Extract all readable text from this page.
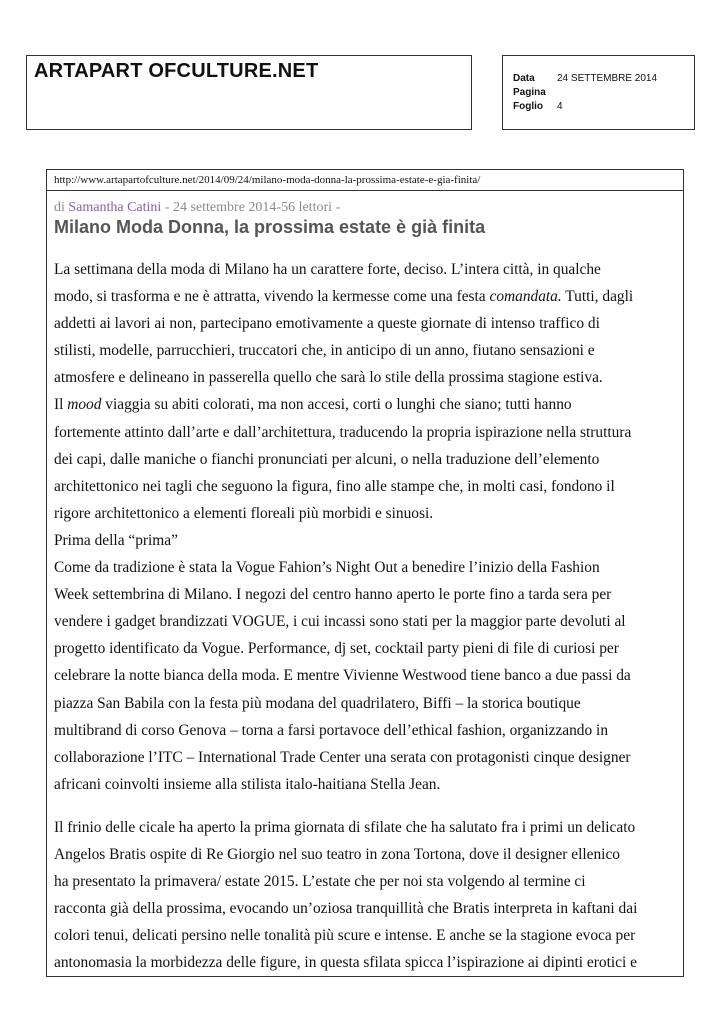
ARTAPART OFCULTURE.NET	Data 24 SETTEMBRE 2014
Pagina
Foglio 4
http://www.artapartofculture.net/2014/09/24/milano-moda-donna-la-prossima-estate-e-gia-finita/
di Samantha Catini - 24 settembre 2014-56 lettori -
Milano Moda Donna, la prossima estate è già finita
La settimana della moda di Milano ha un carattere forte, deciso. L’intera città, in qualche
modo, si trasforma e ne è attratta, vivendo la kermesse come una festa comandata. Tutti, dagli
addetti ai lavori ai non, partecipano emotivamente a queste giornate di intenso traffico di
stilisti, modelle, parrucchieri, truccatori che, in anticipo di un anno, fiutano sensazioni e
atmosfere e delineano in passerella quello che sarà lo stile della prossima stagione estiva.
Il mood viaggia su abiti colorati, ma non accesi, corti o lunghi che siano; tutti hanno
fortemente attinto dall’arte e dall’architettura, traducendo la propria ispirazione nella struttura
dei capi, dalle maniche o fianchi pronunciati per alcuni, o nella traduzione dell’elemento
architettonico nei tagli che seguono la figura, fino alle stampe che, in molti casi, fondono il
rigore architettonico a elementi floreali più morbidi e sinuosi.
Prima della “prima”
Come da tradizione è stata la Vogue Fahion’s Night Out a benedire l’inizio della Fashion
Week settembrina di Milano. I negozi del centro hanno aperto le porte fino a tarda sera per
vendere i gadget brandizzati VOGUE, i cui incassi sono stati per la maggior parte devoluti al
progetto identificato da Vogue. Performance, dj set, cocktail party pieni di file di curiosi per
celebrare la notte bianca della moda. E mentre Vivienne Westwood tiene banco a due passi da
piazza San Babila con la festa più modana del quadrilatero, Biffi – la storica boutique
multibrand di corso Genova – torna a farsi portavoce dell’ethical fashion, organizzando in
collaborazione l’ITC – International Trade Center una serata con protagonisti cinque designer
africani coinvolti insieme alla stilista italo-haitiana Stella Jean.
Il frinio delle cicale ha aperto la prima giornata di sfilate che ha salutato fra i primi un delicato
Angelos Bratis ospite di Re Giorgio nel suo teatro in zona Tortona, dove il designer ellenico
ha presentato la primavera/ estate 2015. L’estate che per noi sta volgendo al termine ci
racconta già della prossima, evocando un’oziosa tranquillità che Bratis interpreta in kaftani dai
colori tenui, delicati persino nelle tonalità più scure e intense. E anche se la stagione evoca per
antonomasia la morbidezza delle figure, in questa sfilata spicca l’ispirazione ai dipinti erotici e
